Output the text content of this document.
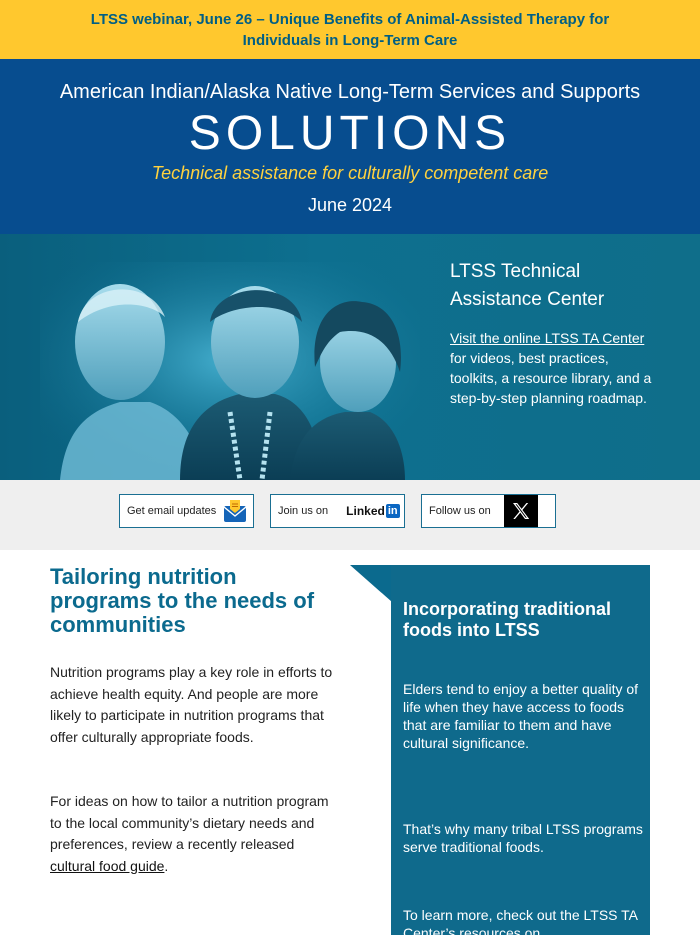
LTSS webinar, June 26 – Unique Benefits of Animal-Assisted Therapy for
Individuals in Long-Term Care
American Indian/Alaska Native Long-Term Services and Supports
SOLUTIONS
Technical assistance for culturally competent care
June 2024
LTSS Technical Assistance Center
Visit the online LTSS TA Center for videos, best practices, toolkits, a resource library, and a step-by-step planning roadmap.
Get email updates	Join us on Linked in	Follow us on
Tailoring nutrition programs to the needs of communities

Nutrition programs play a key role in efforts to achieve health equity. And people are more likely to participate in nutrition programs that offer culturally appropriate foods.

For ideas on how to tailor a nutrition program to the local community’s dietary needs and preferences, review a recently released cultural food guide.

Incorporating traditional foods into LTSS

Elders tend to enjoy a better quality of life when they have access to foods that are familiar to them and have cultural significance.

That’s why many tribal LTSS programs serve traditional foods.

To learn more, check out the LTSS TA Center’s resources on
